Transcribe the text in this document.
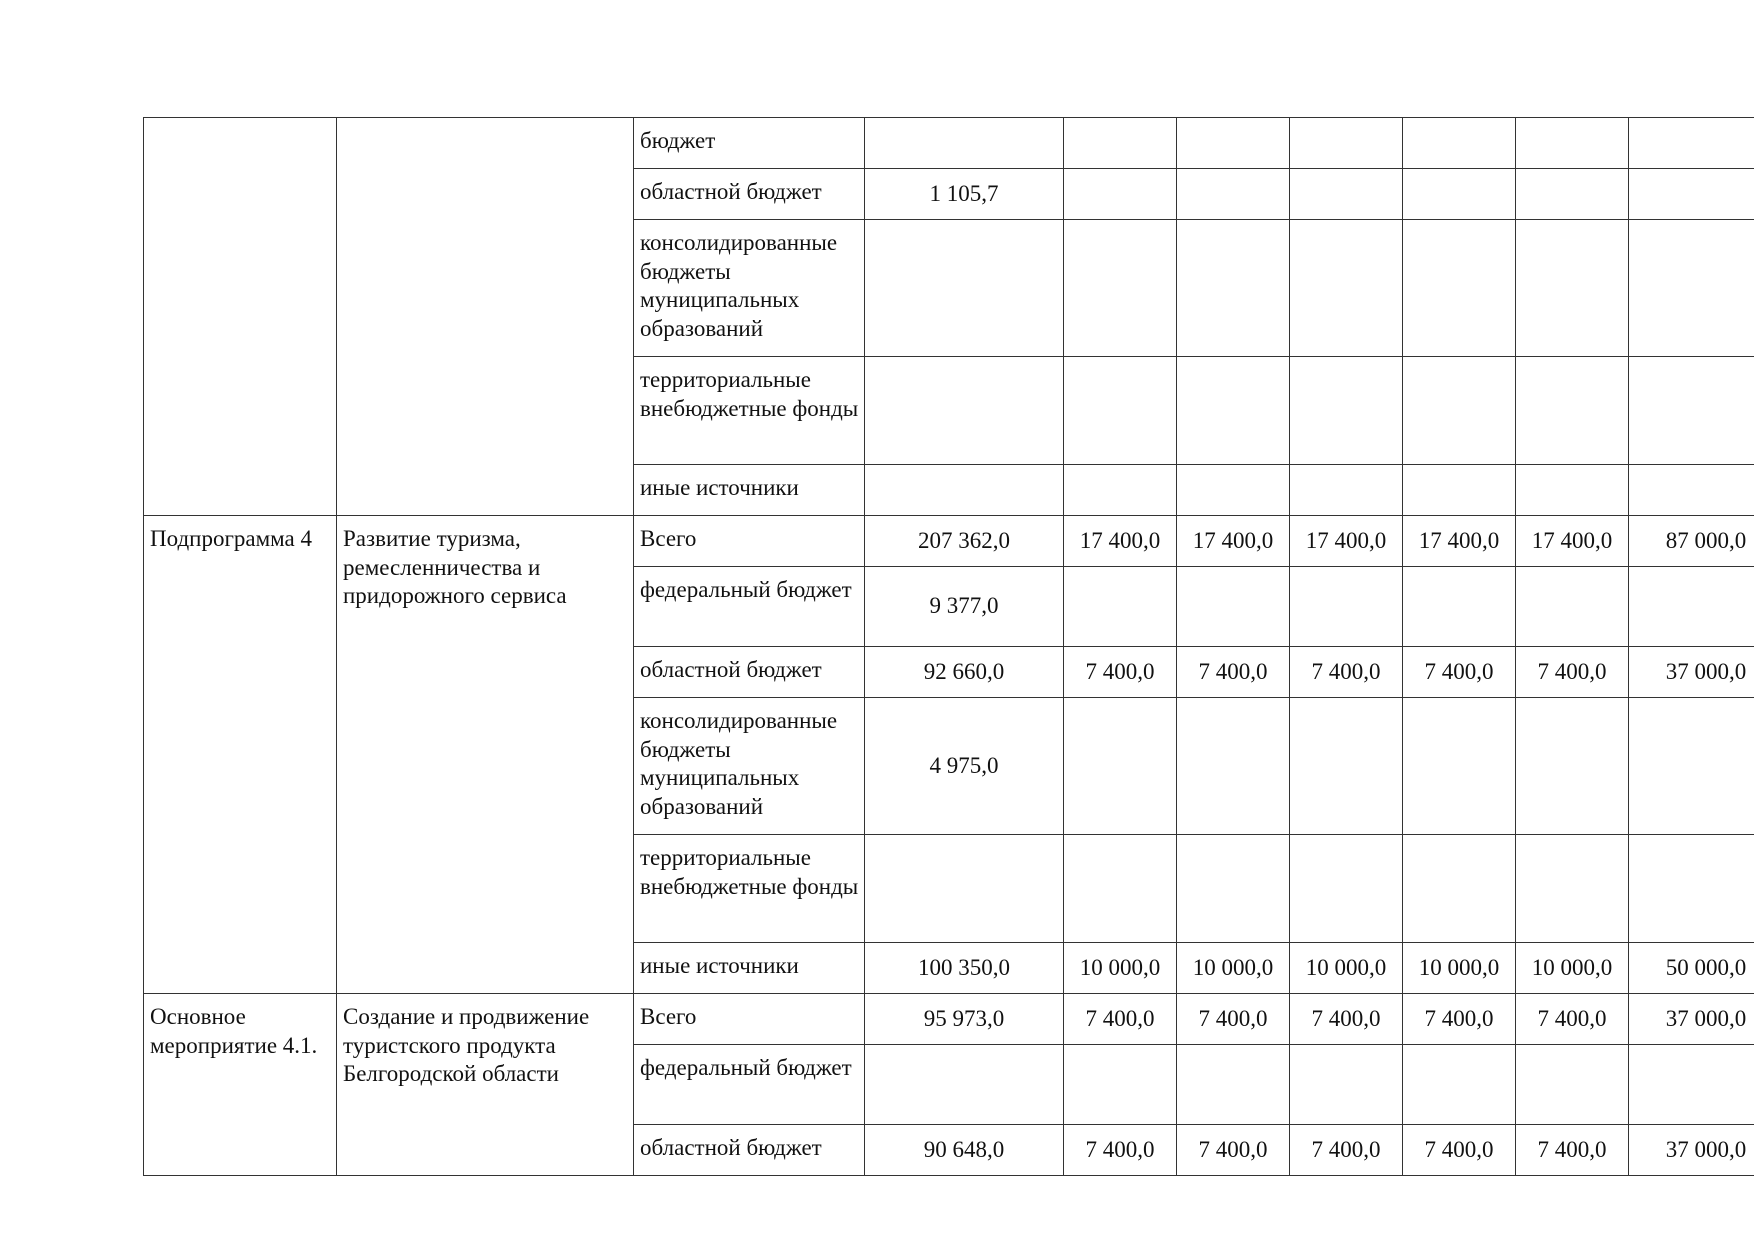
		бюджет							
		областной бюджет	1 105,7						
		консолидированные бюджеты муниципальных образований							
		территориальные внебюджетные фонды							
		иные источники							
Подпрограмма 4	Развитие туризма, ремесленничества и придорожного сервиса	Всего	207 362,0	17 400,0	17 400,0	17 400,0	17 400,0	17 400,0	87 000,0
		федеральный бюджет	9 377,0						
		областной бюджет	92 660,0	7 400,0	7 400,0	7 400,0	7 400,0	7 400,0	37 000,0
		консолидированные бюджеты муниципальных образований	4 975,0						
		территориальные внебюджетные фонды							
		иные источники	100 350,0	10 000,0	10 000,0	10 000,0	10 000,0	10 000,0	50 000,0
Основное мероприятие 4.1.	Создание и продвижение туристского продукта Белгородской области	Всего	95 973,0	7 400,0	7 400,0	7 400,0	7 400,0	7 400,0	37 000,0
		федеральный бюджет							
		областной бюджет	90 648,0	7 400,0	7 400,0	7 400,0	7 400,0	7 400,0	37 000,0
